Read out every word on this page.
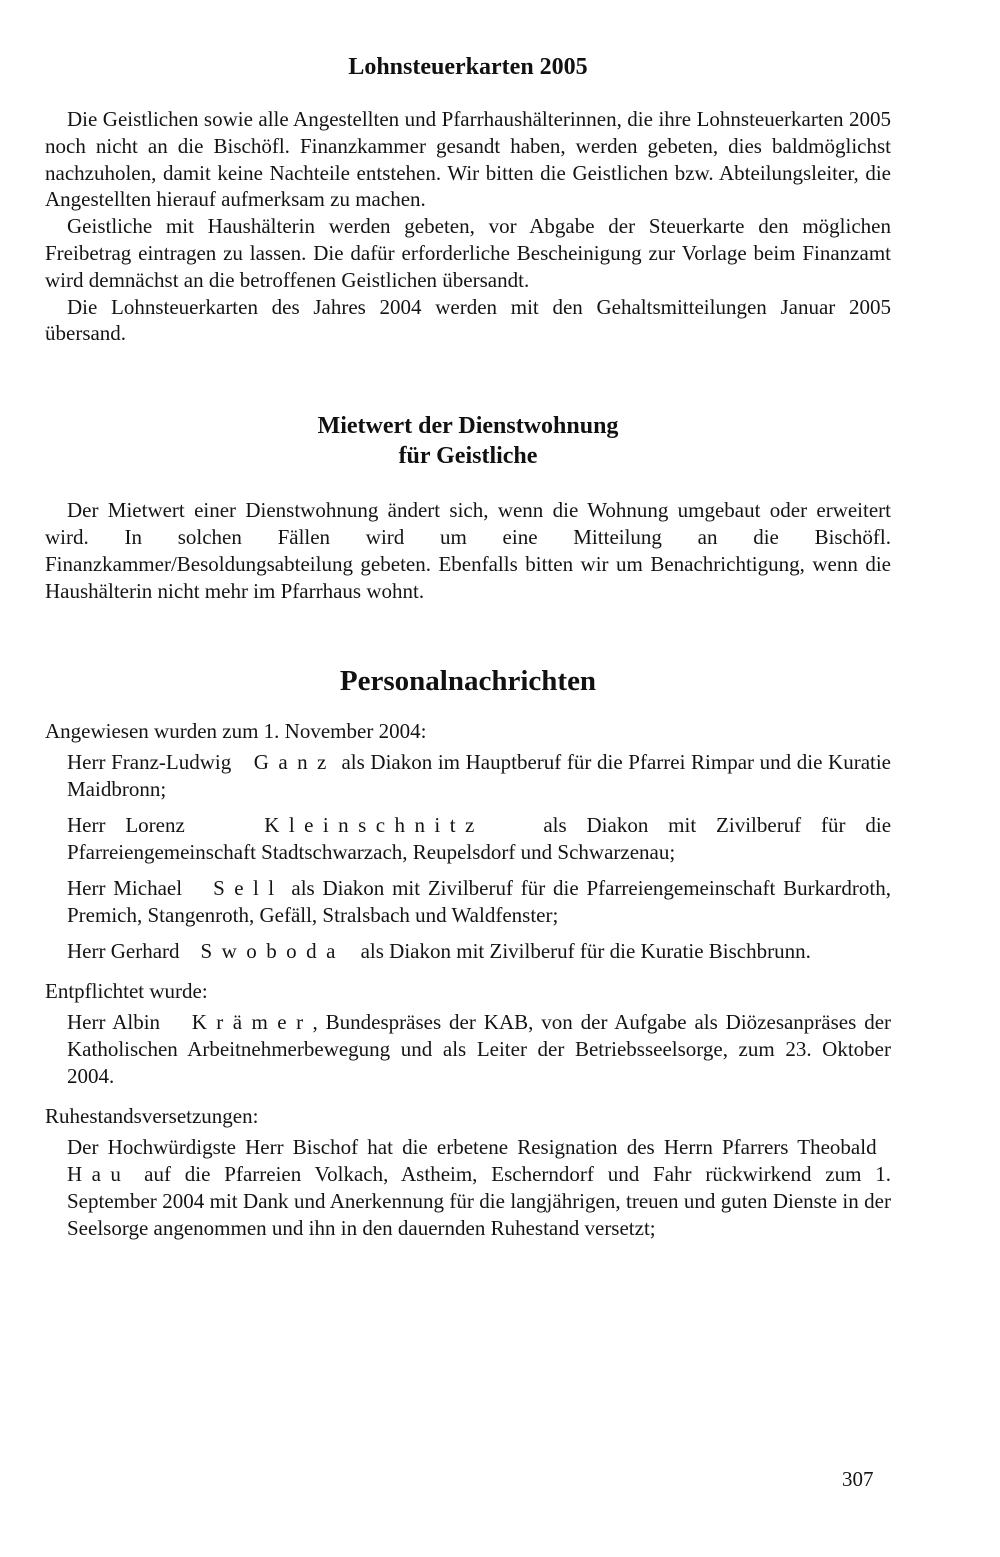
Lohnsteuerkarten 2005

Die Geistlichen sowie alle Angestellten und Pfarrhaushälterinnen, die ihre Lohnsteuerkarten 2005 noch nicht an die Bischöfl. Finanzkammer gesandt haben, werden gebeten, dies baldmöglichst nachzuholen, damit keine Nachteile entstehen. Wir bitten die Geistlichen bzw. Abteilungsleiter, die Angestellten hierauf aufmerksam zu machen.

Geistliche mit Haushälterin werden gebeten, vor Abgabe der Steuerkarte den möglichen Freibetrag eintragen zu lassen. Die dafür erforderliche Bescheinigung zur Vorlage beim Finanzamt wird demnächst an die betroffenen Geistlichen übersandt.

Die Lohnsteuerkarten des Jahres 2004 werden mit den Gehaltsmitteilungen Januar 2005 übersand.

Mietwert der Dienstwohnung
für Geistliche

Der Mietwert einer Dienstwohnung ändert sich, wenn die Wohnung umgebaut oder erweitert wird. In solchen Fällen wird um eine Mitteilung an die Bischöfl. Finanzkammer/Besoldungsabteilung gebeten. Ebenfalls bitten wir um Benachrichtigung, wenn die Haushälterin nicht mehr im Pfarrhaus wohnt.

Personalnachrichten
Angewiesen wurden zum 1. November 2004:
Herr Franz-Ludwig Ganz als Diakon im Hauptberuf für die Pfarrei Rimpar und die Kuratie Maidbronn;
Herr Lorenz	Kleinschnitz	als Diakon mit Zivilberuf für die Pfarreiengemeinschaft Stadtschwarzach, Reupelsdorf und Schwarzenau;
Herr Michael Sell als Diakon mit Zivilberuf für die Pfarreiengemeinschaft Burkardroth, Premich, Stangenroth, Gefäll, Stralsbach und Waldfenster;
Herr Gerhard Swoboda als Diakon mit Zivilberuf für die Kuratie Bischbrunn.
Entpflichtet wurde:
Herr Albin Krämer, Bundespräses der KAB, von der Aufgabe als Diözesanpräses der Katholischen Arbeitnehmerbewegung und als Leiter der Betriebsseelsorge, zum 23. Oktober 2004.
Ruhestandsversetzungen:
Der Hochwürdigste Herr Bischof hat die erbetene Resignation des Herrn Pfarrers Theobald   Hau auf die Pfarreien Volkach, Astheim, Escherndorf und Fahr rückwirkend zum 1. September 2004 mit Dank und Anerkennung für die langjährigen, treuen und guten Dienste in der Seelsorge angenommen und ihn in den dauernden Ruhestand versetzt;
307
